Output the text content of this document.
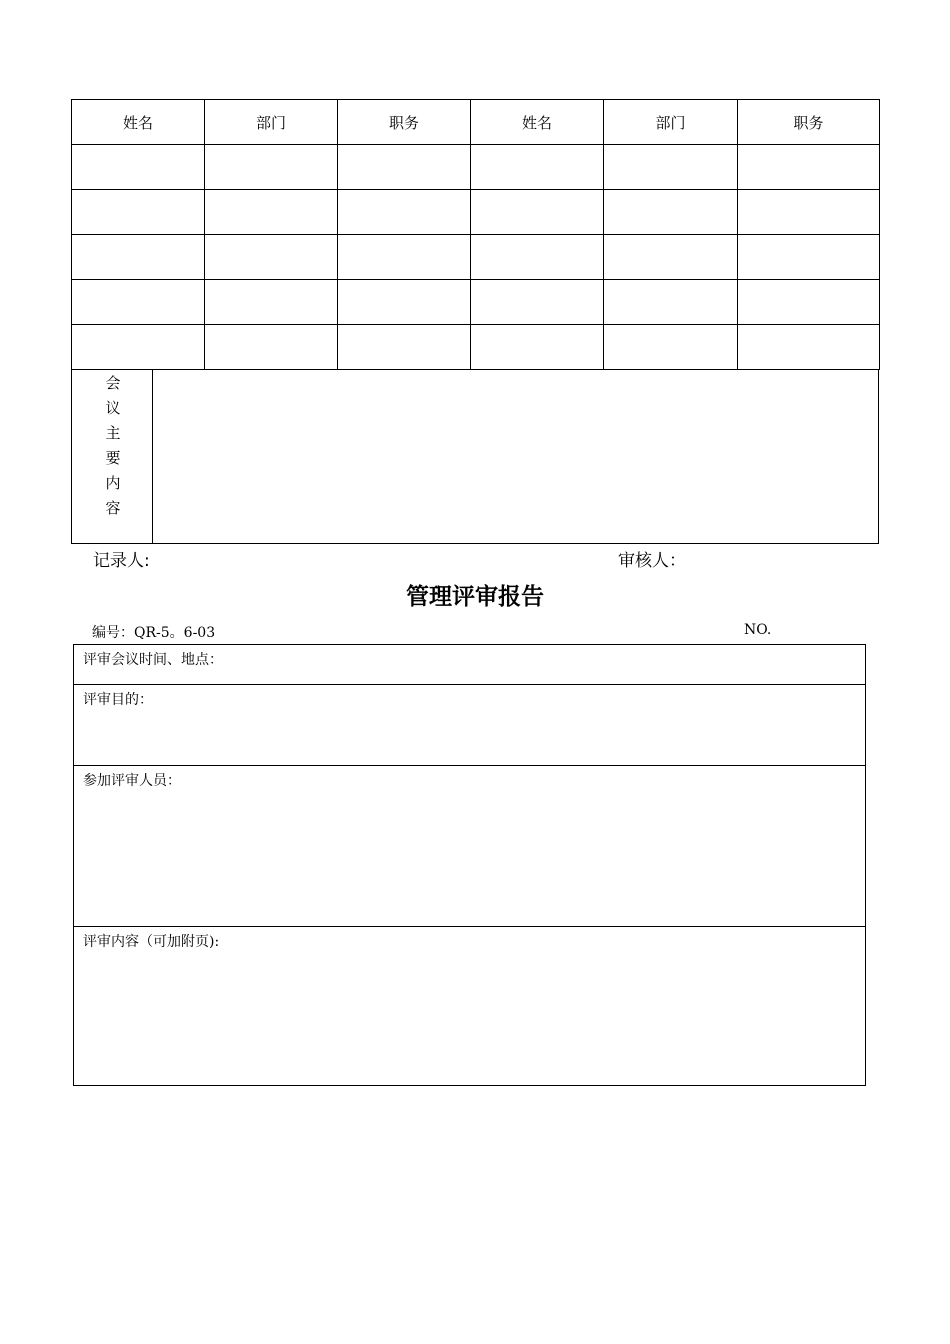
姓名	部门	职务	姓名	部门	职务

会
议
主
要
内
容
记录人:	审核人：
管理评审报告
编号：QR-5。6-03	NO.
评审会议时间、地点：
评审目的：
参加评审人员：
评审内容（可加附页):
